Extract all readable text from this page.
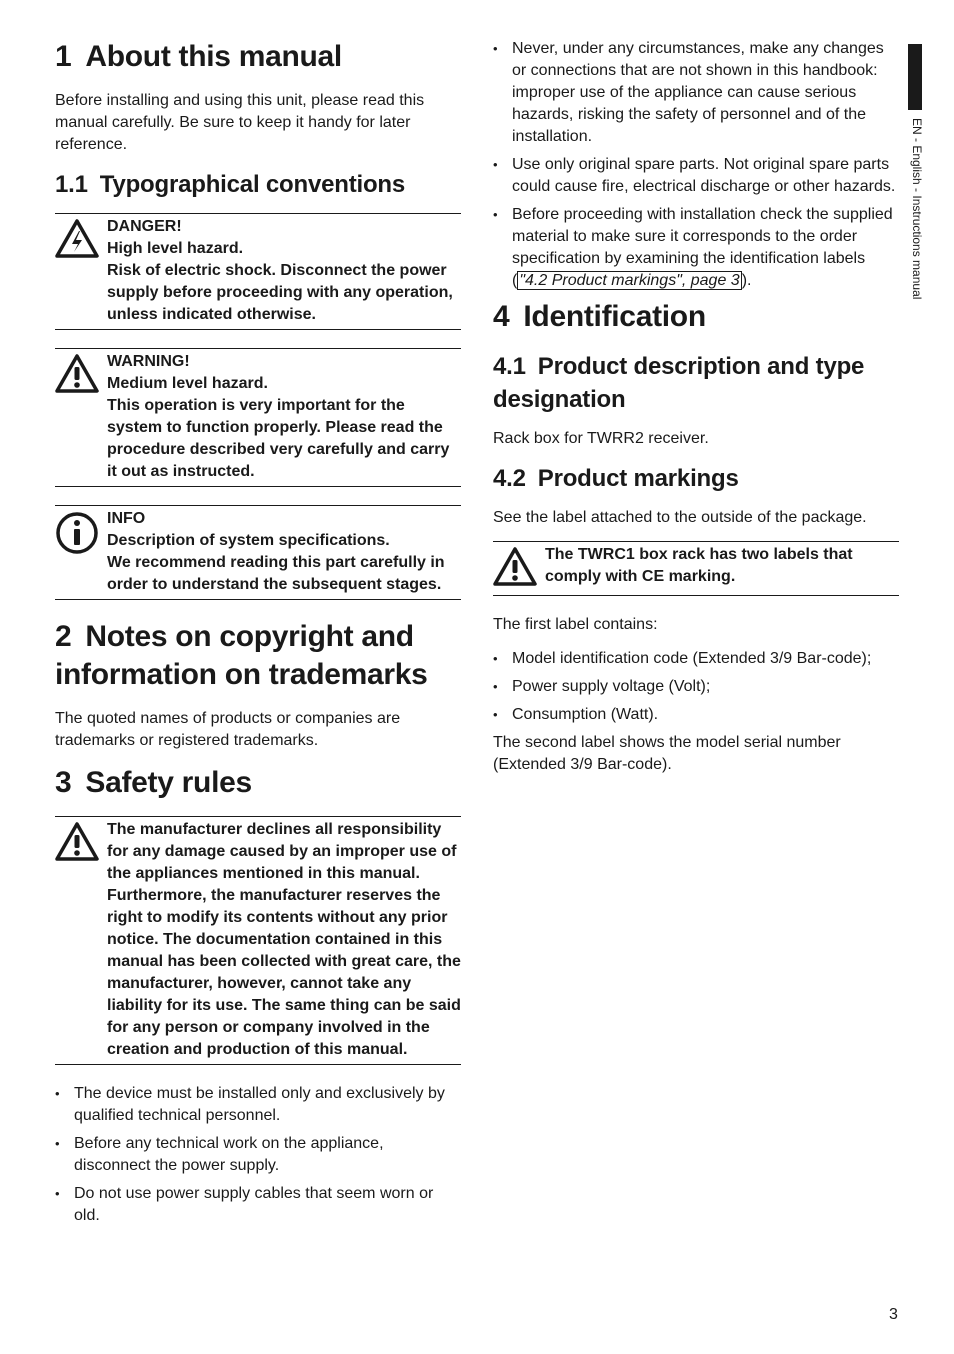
EN - English - Instructions manual
1 About this manual

Before installing and using this unit, please read this manual carefully. Be sure to keep it handy for later reference.

1.1 Typographical conventions
DANGER!
High level hazard.
Risk of electric shock. Disconnect the power supply before proceeding with any operation, unless indicated otherwise.
WARNING!
Medium level hazard.
This operation is very important for the system to function properly. Please read the procedure described very carefully and carry it out as instructed.
INFO
Description of system specifications.
We recommend reading this part carefully in order to understand the subsequent stages.
2 Notes on copyright and information on trademarks

The quoted names of products or companies are trademarks or registered trademarks.

3 Safety rules
The manufacturer declines all responsibility for any damage caused by an improper use of the appliances mentioned in this manual. Furthermore, the manufacturer reserves the right to modify its contents without any prior notice. The documentation contained in this manual has been collected with great care, the manufacturer, however, cannot take any liability for its use. The same thing can be said for any person or company involved in the creation and production of this manual.
• The device must be installed only and exclusively by qualified technical personnel.
• Before any technical work on the appliance, disconnect the power supply.
• Do not use power supply cables that seem worn or old.
• Never, under any circumstances, make any changes or connections that are not shown in this handbook: improper use of the appliance can cause serious hazards, risking the safety of personnel and of the installation.
• Use only original spare parts. Not original spare parts could cause fire, electrical discharge or other hazards.
• Before proceeding with installation check the supplied material to make sure it corresponds to the order specification by examining the identification labels ( "4.2 Product markings", page 3 ).
4 Identification
4.1 Product description and type designation

Rack box for TWRR2 receiver.

4.2 Product markings

See the label attached to the outside of the package.

The TWRC1 box rack has two labels that comply with CE marking.

The first label contains:

• Model identification code (Extended 3/9 Bar-code);
• Power supply voltage (Volt);
• Consumption (Watt).

The second label shows the model serial number (Extended 3/9 Bar-code).

3
